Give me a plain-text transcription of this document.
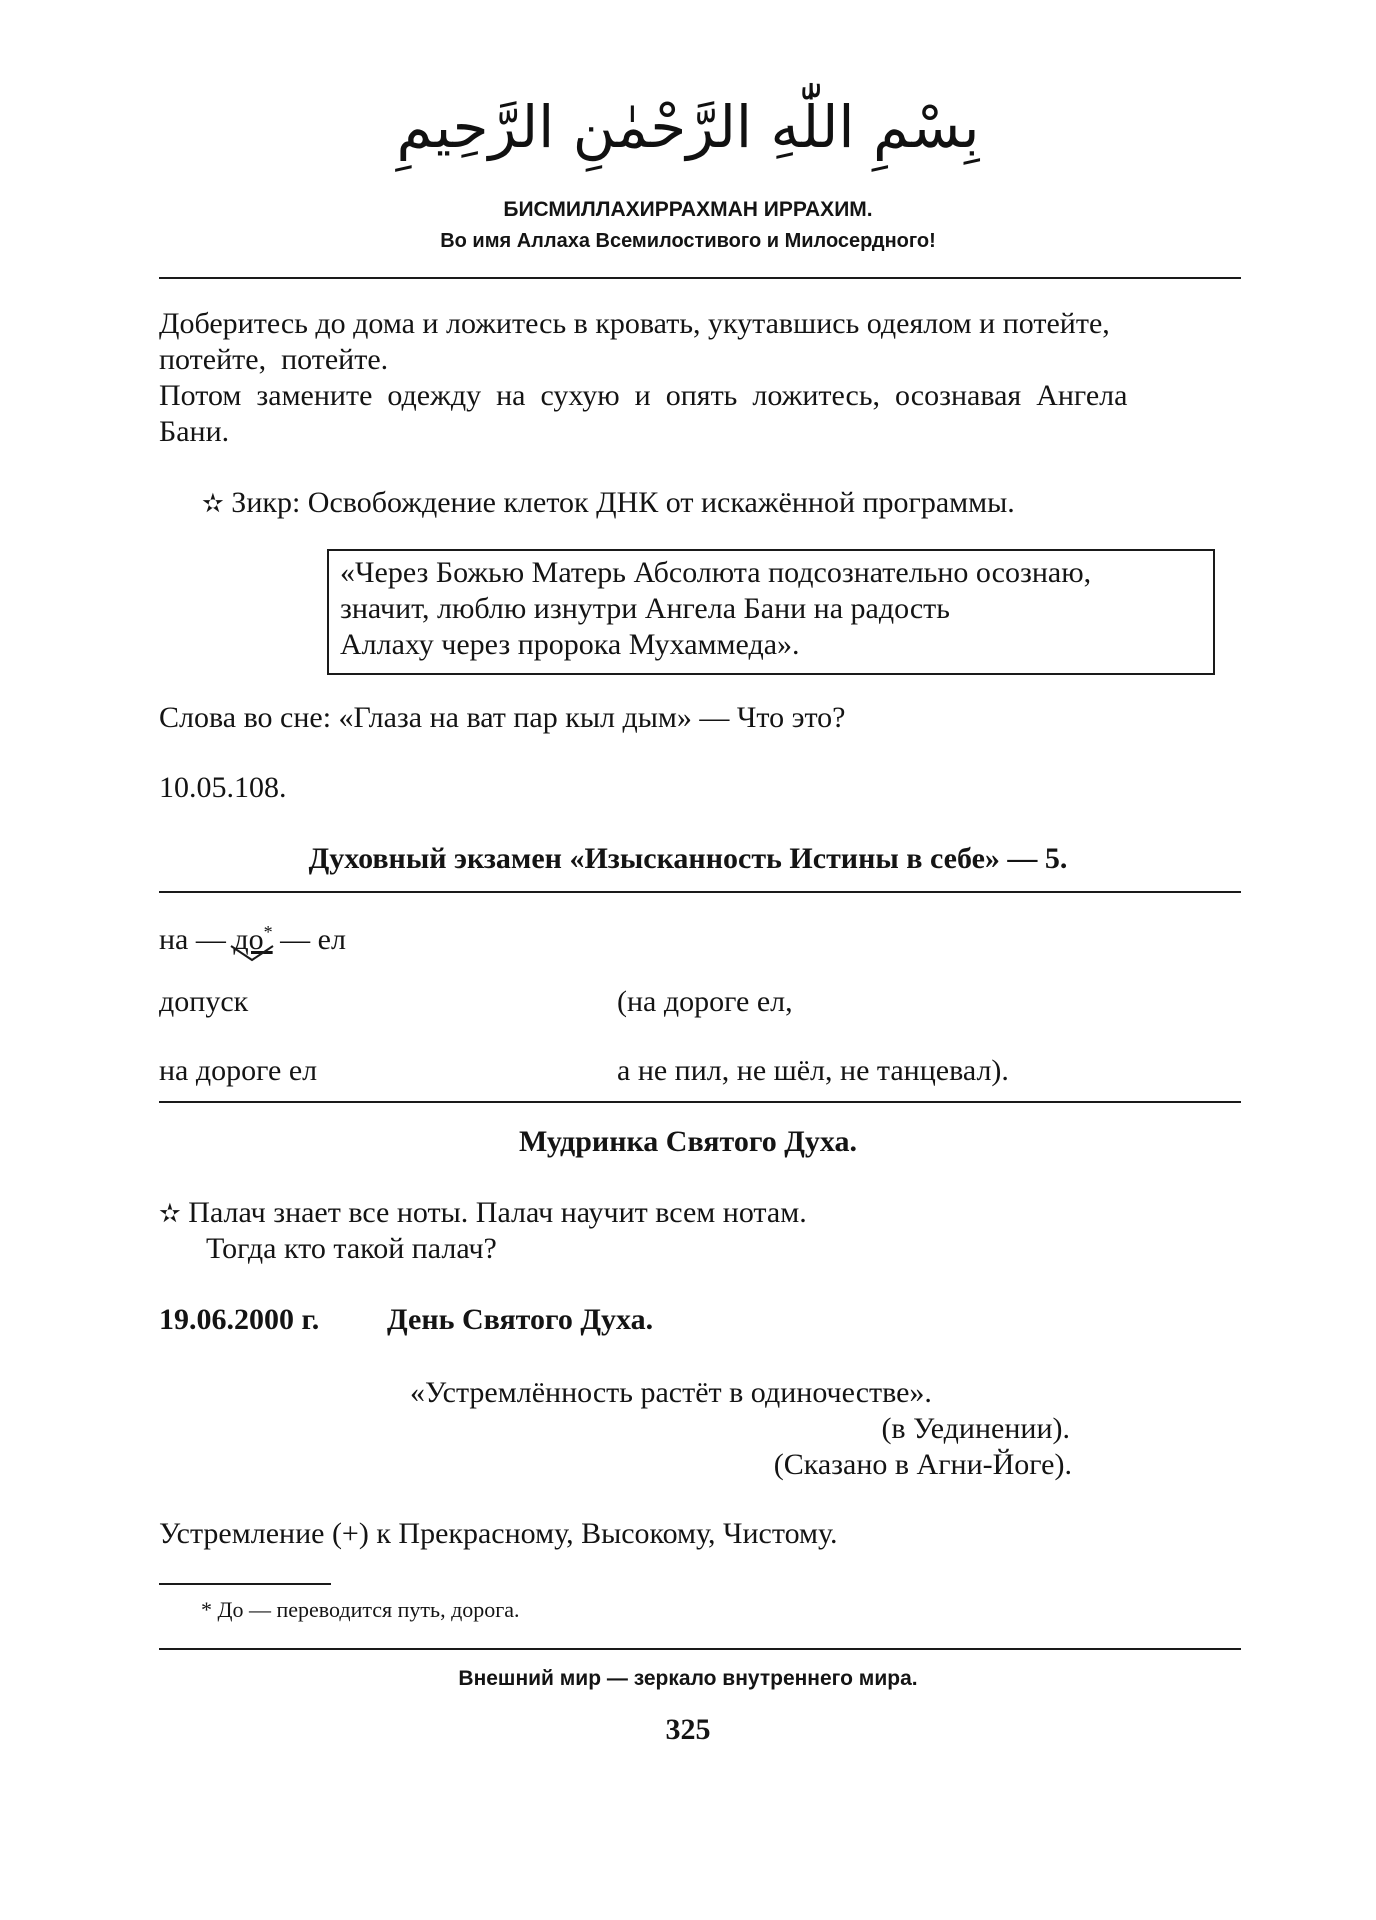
بِسْمِ اللّٰهِ الرَّحْمٰنِ الرَّحِيمِ
БИСМИЛЛАХИРРАХМАН ИРРАХИМ.
Во имя Аллаха Всемилостивого и Милосердного!
Доберитесь до дома и ложитесь в кровать, укутавшись одеялом и потейте,
потейте,  потейте.
Потом  замените  одежду  на  сухую  и  опять  ложитесь,  осознавая  Ангела
Бани.
✫ Зикр: Освобождение клеток ДНК от искажённой программы.
«Через Божью Матерь Абсолюта подсознательно осознаю,
значит, люблю изнутри Ангела Бани на радость
Аллаху через пророка Мухаммеда».
Слова во сне: «Глаза на ват пар кыл дым» — Что это?
10.05.108.
Духовный экзамен «Изысканность Истины в себе» — 5.
на — до* — ел
допуск	(на дороге ел,
на дороге ел	а не пил, не шёл, не танцевал).
Мудринка Святого Духа.
✫ Палач знает все ноты. Палач научит всем нотам.
Тогда кто такой палач?
19.06.2000 г. День Святого Духа.
«Устремлённость растёт в одиночестве».
(в Уединении).
(Сказано в Агни-Йоге).
Устремление (+) к Прекрасному, Высокому, Чистому.
* До — переводится путь, дорога.
Внешний мир — зеркало внутреннего мира.
325
